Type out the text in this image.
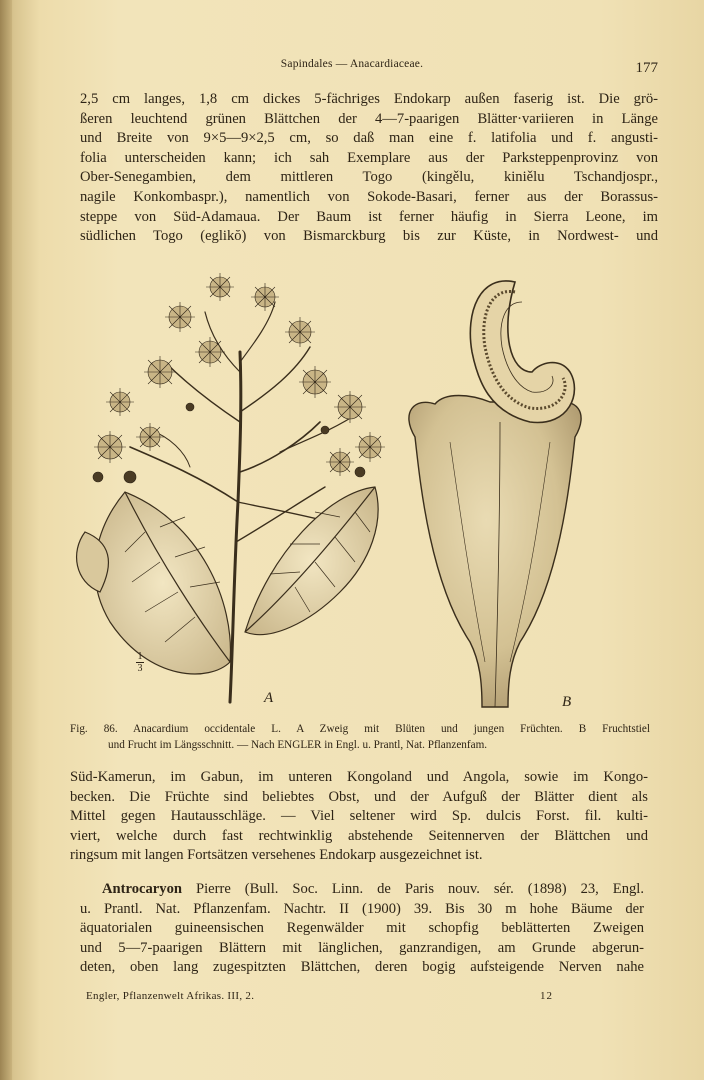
Sapindales — Anacardiaceae.	177
2,5 cm langes, 1,8 cm dickes 5-fächriges Endokarp außen faserig ist. Die grö-
ßeren leuchtend grünen Blättchen der 4—7-paarigen Blätter·variieren in Länge
und Breite von 9×5—9×2,5 cm, so daß man eine f. latifolia und f. angusti-
folia unterscheiden kann; ich sah Exemplare aus der Parksteppenprovinz von
Ober-Senegambien, dem mittleren Togo (kingělu, kiniělu Tschandjospr.,
nagile Konkombaspr.), namentlich von Sokode-Basari, ferner aus der Borassus-
steppe von Süd-Adamaua. Der Baum ist ferner häufig in Sierra Leone, im
südlichen Togo (eglikŏ) von Bismarckburg bis zur Küste, in Nordwest- und
A	B
1
3
Fig. 86. Anacardium occidentale L. A Zweig mit Blüten und jungen Früchten. B Fruchtstiel
und Frucht im Längsschnitt. — Nach ENGLER in Engl. u. Prantl, Nat. Pflanzenfam.
Süd-Kamerun, im Gabun, im unteren Kongoland und Angola, sowie im Kongo-
becken. Die Früchte sind beliebtes Obst, und der Aufguß der Blätter dient als
Mittel gegen Hautausschläge. — Viel seltener wird Sp. dulcis Forst. fil. kulti-
viert, welche durch fast rechtwinklig abstehende Seitennerven der Blättchen und
ringsum mit langen Fortsätzen versehenes Endokarp ausgezeichnet ist.
Antrocaryon Pierre (Bull. Soc. Linn. de Paris nouv. sér. (1898) 23, Engl.
u. Prantl. Nat. Pflanzenfam. Nachtr. II (1900) 39. Bis 30 m hohe Bäume der
äquatorialen guineensischen Regenwälder mit schopfig beblätterten Zweigen
und 5—7-paarigen Blättern mit länglichen, ganzrandigen, am Grunde abgerun-
deten, oben lang zugespitzten Blättchen, deren bogig aufsteigende Nerven nahe
Engler, Pflanzenwelt Afrikas. III, 2.	12
